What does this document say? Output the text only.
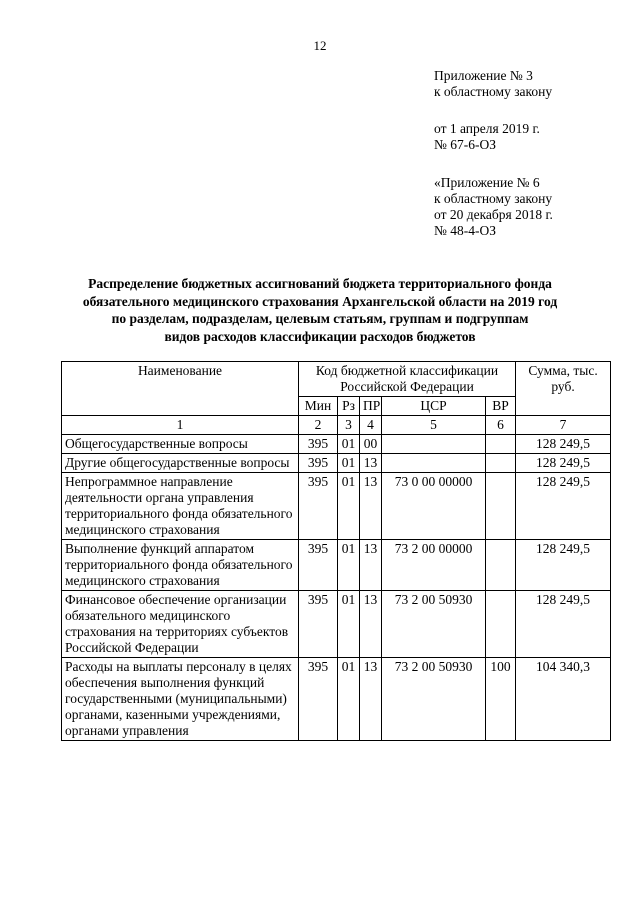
12
Приложение № 3
к областному закону
от 1 апреля 2019 г.
№ 67-6-ОЗ
«Приложение № 6
к областному закону
от 20 декабря 2018 г.
№ 48-4-ОЗ
Распределение бюджетных ассигнований бюджета территориального фонда
обязательного медицинского страхования Архангельской области на 2019 год
по разделам, подразделам, целевым статьям, группам и подгруппам
видов расходов классификации расходов бюджетов
Наименование	Код бюджетной классификации Российской Федерации					Сумма, тыс. руб.
	Мин	Рз	ПР	ЦСР	ВР	
1	2	3	4	5	6	7
Общегосударственные вопросы	395	01	00			128 249,5
Другие общегосударственные вопросы	395	01	13			128 249,5
Непрограммное направление деятельности органа управления территориального фонда обязательного медицинского страхования	395	01	13	73 0 00 00000		128 249,5
Выполнение функций аппаратом территориального фонда обязательного медицинского страхования	395	01	13	73 2 00 00000		128 249,5
Финансовое обеспечение организации обязательного медицинского страхования на территориях субъектов Российской Федерации	395	01	13	73 2 00 50930		128 249,5
Расходы на выплаты персоналу в целях обеспечения выполнения функций государственными (муниципальными) органами, казенными учреждениями, органами управления	395	01	13	73 2 00 50930	100	104 340,3
